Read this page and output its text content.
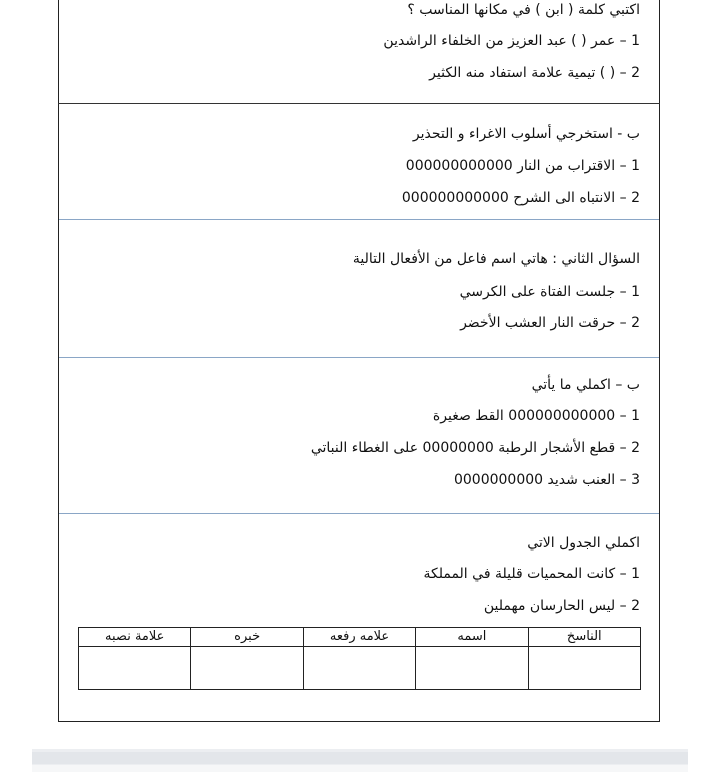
اكتبي كلمة ( ابن ) في مكانها المناسب ؟
1 – عمر ( ) عبد العزيز من الخلفاء الراشدين
2 – ( ) تيمية علامة استفاد منه الكثير
ب - استخرجي أسلوب الاغراء و التحذير
1 – الاقتراب من النار 000000000000
2 – الانتباه الى الشرح 000000000000
السؤال الثاني : هاتي اسم فاعل من الأفعال التالية
1 – جلست الفتاة على الكرسي
2 – حرقت النار العشب الأخضر
ب – اكملي ما يأتي
1 – 000000000000 القط صغيرة
2 – قطع الأشجار الرطبة 00000000 على الغطاء النباتي
3 – العنب شديد 0000000000
اكملي الجدول الاتي
1 – كانت المحميات قليلة في المملكة
2 – ليس الحارسان مهملين
الناسخ	اسمه	علامه رفعه	خبره	علامة نصبه
